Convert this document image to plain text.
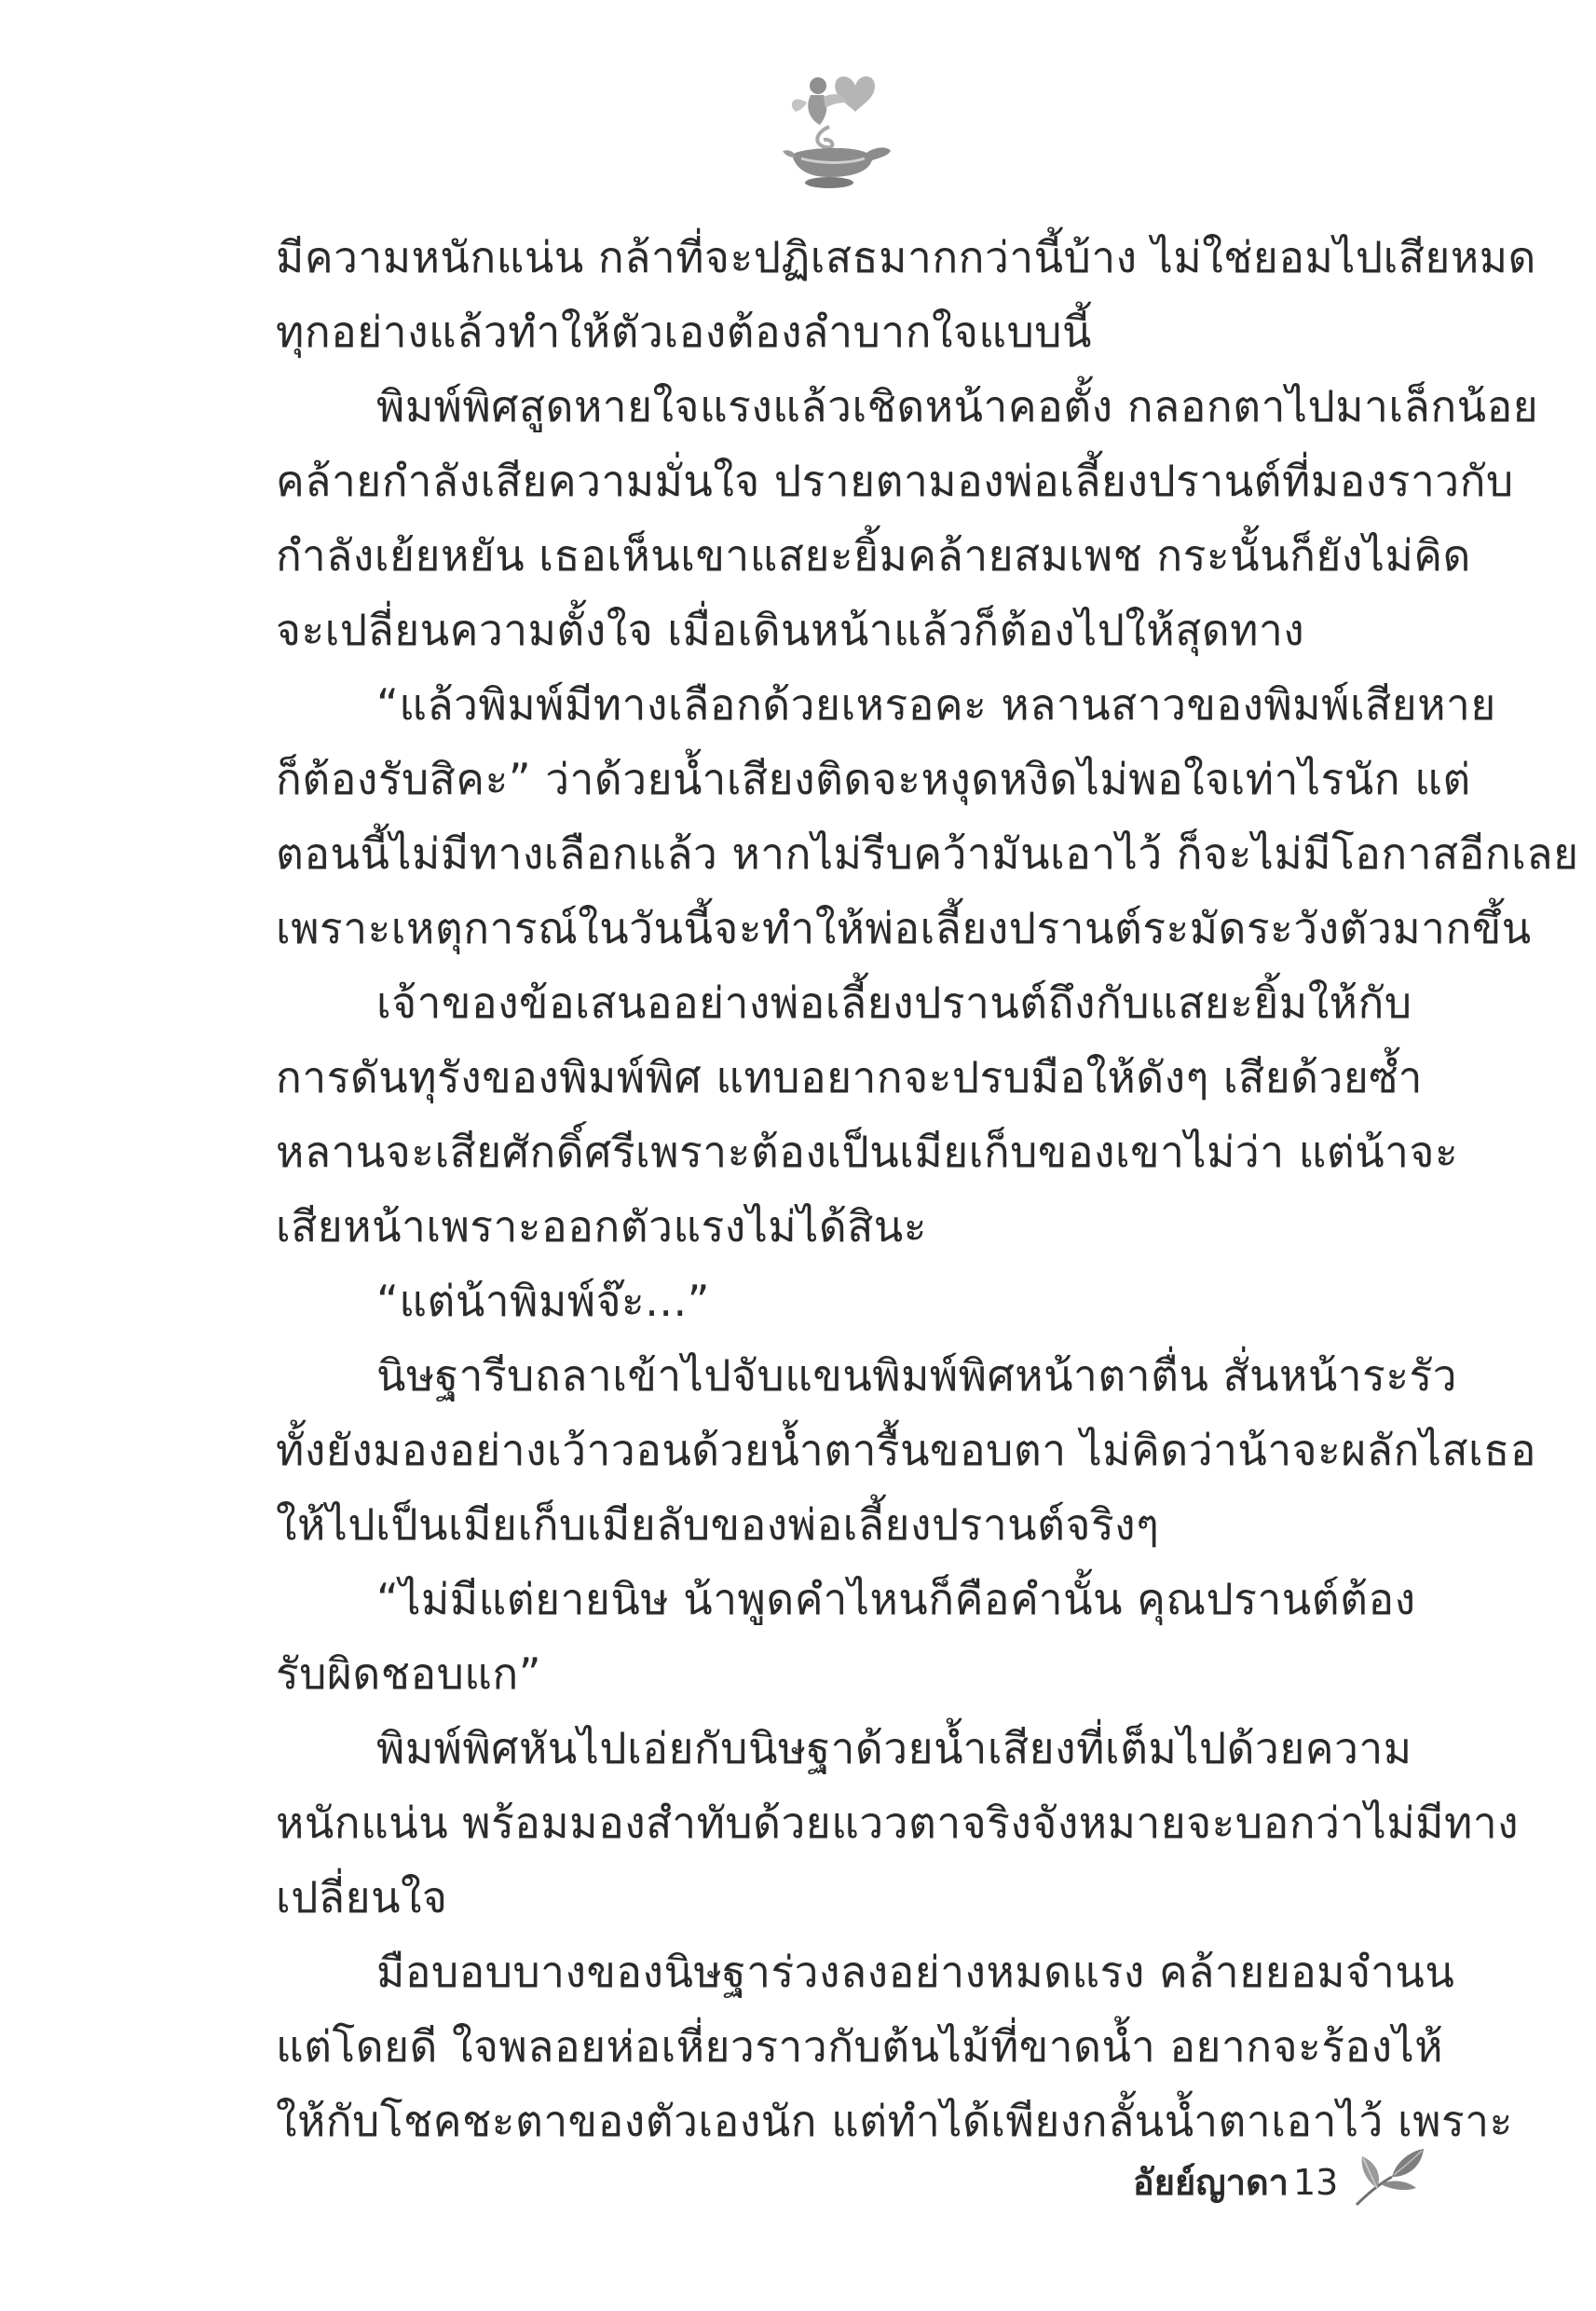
มีความหนักแน่น กล้าที่จะปฏิเสธมากกว่านี้บ้าง ไม่ใช่ยอมไปเสียหมด
ทุกอย่างแล้วทำให้ตัวเองต้องลำบากใจแบบนี้
พิมพ์พิศสูดหายใจแรงแล้วเชิดหน้าคอตั้ง กลอกตาไปมาเล็กน้อย
คล้ายกำลังเสียความมั่นใจ ปรายตามองพ่อเลี้ยงปรานต์ที่มองราวกับ
กำลังเย้ยหยัน เธอเห็นเขาแสยะยิ้มคล้ายสมเพช กระนั้นก็ยังไม่คิด
จะเปลี่ยนความตั้งใจ เมื่อเดินหน้าแล้วก็ต้องไปให้สุดทาง
“แล้วพิมพ์มีทางเลือกด้วยเหรอคะ หลานสาวของพิมพ์เสียหาย
ก็ต้องรับสิคะ” ว่าด้วยน้ำเสียงติดจะหงุดหงิดไม่พอใจเท่าไรนัก แต่
ตอนนี้ไม่มีทางเลือกแล้ว หากไม่รีบคว้ามันเอาไว้ ก็จะไม่มีโอกาสอีกเลย
เพราะเหตุการณ์ในวันนี้จะทำให้พ่อเลี้ยงปรานต์ระมัดระวังตัวมากขึ้น
เจ้าของข้อเสนออย่างพ่อเลี้ยงปรานต์ถึงกับแสยะยิ้มให้กับ
การดันทุรังของพิมพ์พิศ แทบอยากจะปรบมือให้ดังๆ เสียด้วยซ้ำ
หลานจะเสียศักดิ์ศรีเพราะต้องเป็นเมียเก็บของเขาไม่ว่า แต่น้าจะ
เสียหน้าเพราะออกตัวแรงไม่ได้สินะ
“แต่น้าพิมพ์จ๊ะ...”
นิษฐารีบถลาเข้าไปจับแขนพิมพ์พิศหน้าตาตื่น สั่นหน้าระรัว
ทั้งยังมองอย่างเว้าวอนด้วยน้ำตารื้นขอบตา ไม่คิดว่าน้าจะผลักไสเธอ
ให้ไปเป็นเมียเก็บเมียลับของพ่อเลี้ยงปรานต์จริงๆ
“ไม่มีแต่ยายนิษ น้าพูดคำไหนก็คือคำนั้น คุณปรานต์ต้อง
รับผิดชอบแก”
พิมพ์พิศหันไปเอ่ยกับนิษฐาด้วยน้ำเสียงที่เต็มไปด้วยความ
หนักแน่น พร้อมมองสำทับด้วยแววตาจริงจังหมายจะบอกว่าไม่มีทาง
เปลี่ยนใจ
มือบอบบางของนิษฐาร่วงลงอย่างหมดแรง คล้ายยอมจำนน
แต่โดยดี ใจพลอยห่อเหี่ยวราวกับต้นไม้ที่ขาดน้ำ อยากจะร้องไห้
ให้กับโชคชะตาของตัวเองนัก แต่ทำได้เพียงกลั้นน้ำตาเอาไว้ เพราะ
อัยย์ญาดา 13
